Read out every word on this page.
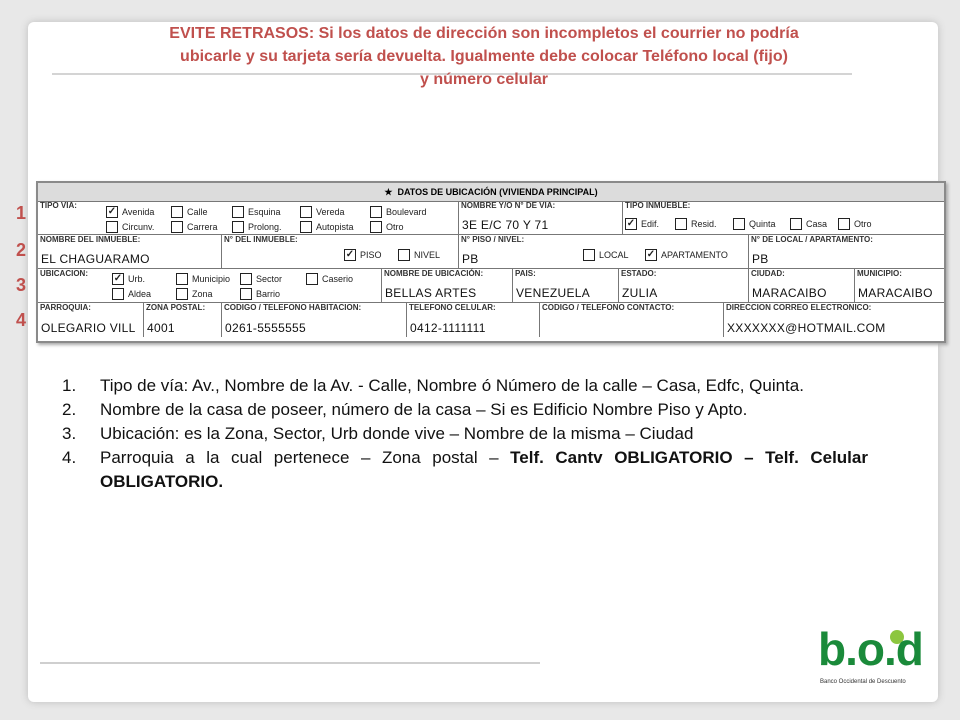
EVITE RETRASOS: Si los datos de dirección son incompletos el courrier no podría
ubicarle y su tarjeta sería devuelta. Igualmente debe colocar Teléfono local (fijo)
y número celular
1
2
3
4
★ DATOS DE UBICACIÓN (VIVIENDA PRINCIPAL)
TIPO VIA:
✓ Avenida	Calle	Esquina	Vereda	Boulevard
Circunv.	Carrera	Prolong.	Autopista	Otro
NOMBRE Y/O N° DE VIA:
3E E/C 70 Y 71
TIPO INMUEBLE:
✓ Edif.	Resid.	Quinta	Casa	Otro
NOMBRE DEL INMUEBLE:
EL CHAGUARAMO
N° DEL INMUEBLE:
✓ PISO	NIVEL
N° PISO / NIVEL:
PB	LOCAL ✓ APARTAMENTO
N° DE LOCAL / APARTAMENTO:
PB
UBICACION:	✓ Urb.	Municipio	Sector	Caserio
Aldea	Zona	Barrio
NOMBRE DE UBICACIÓN:
BELLAS ARTES
PAIS:
VENEZUELA
ESTADO:
ZULIA
CIUDAD:
MARACAIBO
MUNICIPIO:
MARACAIBO
PARROQUIA:
OLEGARIO VILL
ZONA POSTAL:
4001
CODIGO / TELEFONO HABITACION:
0261-5555555
TELEFONO CELULAR:
0412-1111111
CODIGO / TELEFONO CONTACTO:	DIRECCION CORREO ELECTRONICO:
XXXXXXX@HOTMAIL.COM
1. Tipo de vía: Av., Nombre de la Av. - Calle, Nombre ó Número de la calle – Casa, Edfc, Quinta.
2. Nombre de la casa de poseer, número de la casa – Si es Edificio Nombre Piso y Apto.
3. Ubicación: es la Zona, Sector, Urb donde vive – Nombre de la misma – Ciudad
4. Parroquia a la cual pertenece – Zona postal – Telf. Cantv OBLIGATORIO – Telf. Celular OBLIGATORIO.
b.o.d
Banco Occidental de Descuento
